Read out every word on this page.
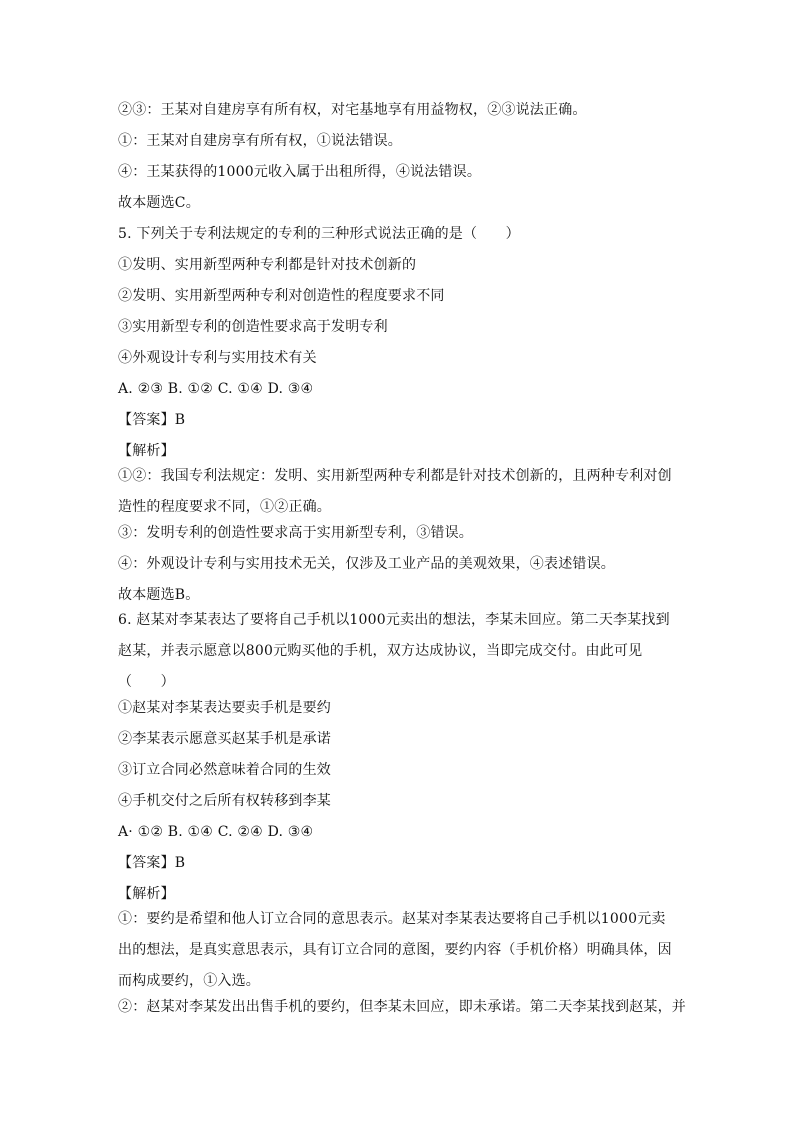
②③：王某对自建房享有所有权，对宅基地享有用益物权，②③说法正确。

①：王某对自建房享有所有权，①说法错误。

④：王某获得的1000元收入属于出租所得，④说法错误。

故本题选C。

5. 下列关于专利法规定的专利的三种形式说法正确的是（　　）

①发明、实用新型两种专利都是针对技术创新的

②发明、实用新型两种专利对创造性的程度要求不同

③实用新型专利的创造性要求高于发明专利

④外观设计专利与实用技术有关

A. ②③ B. ①② C. ①④ D. ③④

【答案】B

【解析】

①②：我国专利法规定：发明、实用新型两种专利都是针对技术创新的，且两种专利对创造性的程度要求不同，①②正确。

③：发明专利的创造性要求高于实用新型专利，③错误。

④：外观设计专利与实用技术无关，仅涉及工业产品的美观效果，④表述错误。

故本题选B。

6. 赵某对李某表达了要将自己手机以1000元卖出的想法，李某未回应。第二天李某找到赵某，并表示愿意以800元购买他的手机，双方达成协议，当即完成交付。由此可见（　　）

①赵某对李某表达要卖手机是要约

②李某表示愿意买赵某手机是承诺

③订立合同必然意味着合同的生效

④手机交付之后所有权转移到李某

A· ①② B. ①④ C. ②④ D. ③④

【答案】B

【解析】

①：要约是希望和他人订立合同的意思表示。赵某对李某表达要将自己手机以1000元卖出的想法，是真实意思表示，具有订立合同的意图，要约内容（手机价格）明确具体，因而构成要约，①入选。

②：赵某对李某发出出售手机的要约，但李某未回应，即未承诺。第二天李某找到赵某，并
